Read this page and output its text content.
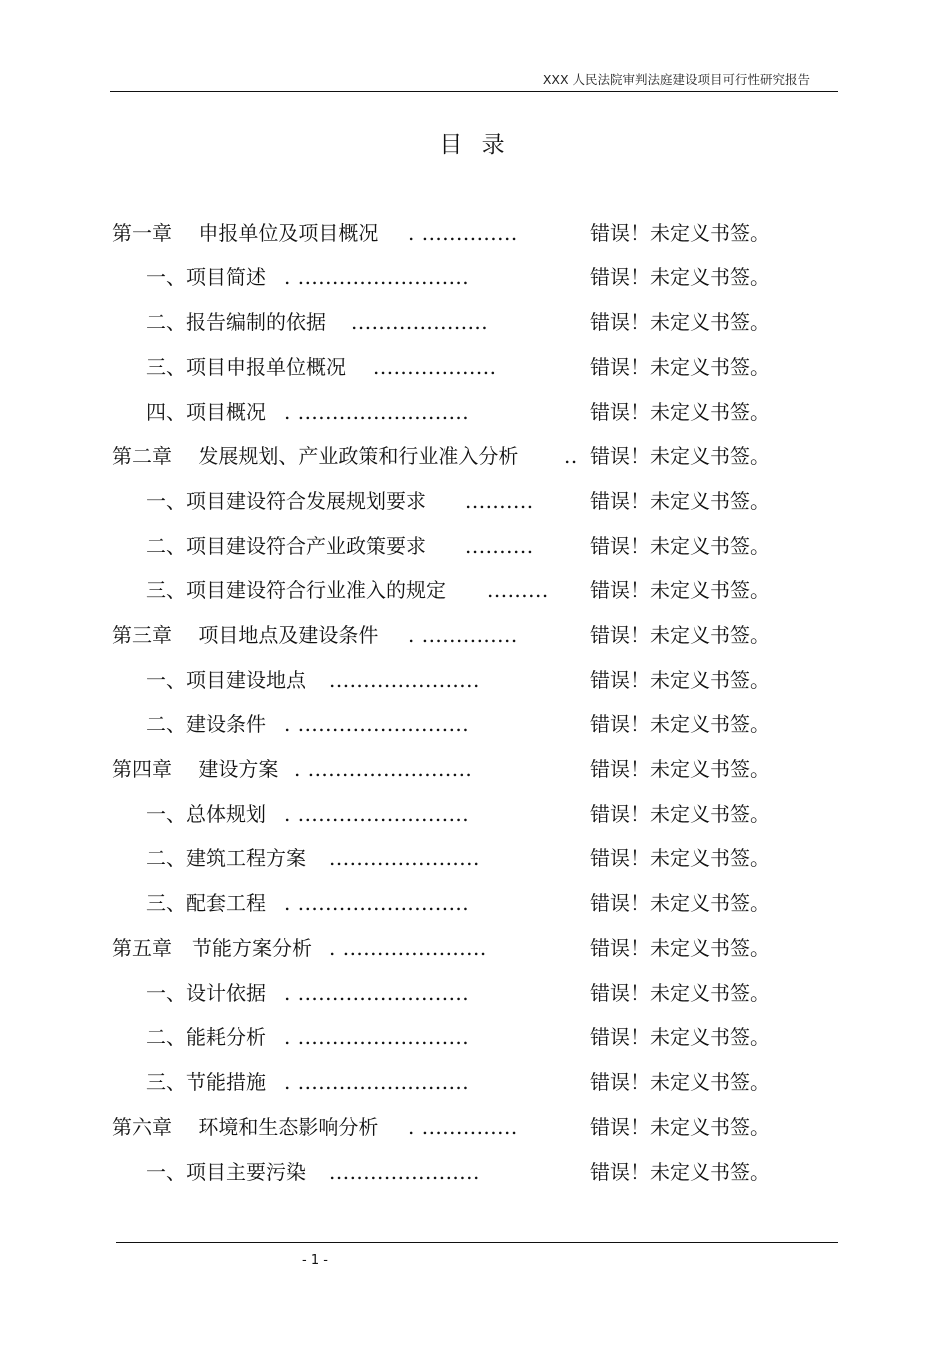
XXX 人民法院审判法庭建设项目可行性研究报告
目 录
第一章　 申报单位及项目概况 . ..............	错误！未定义书签。
一、项目简述 . .........................	错误！未定义书签。
二、报告编制的依据 ....................	错误！未定义书签。
三、项目申报单位概况 ..................	错误！未定义书签。
四、项目概况 . .........................	错误！未定义书签。
第二章　 发展规划、产业政策和行业准入分析 .. 错误！未定义书签。
一、项目建设符合发展规划要求 ..........	错误！未定义书签。
二、项目建设符合产业政策要求 ..........	错误！未定义书签。
三、项目建设符合行业准入的规定 ......... 错误！未定义书签。
第三章　 项目地点及建设条件 . ..............	错误！未定义书签。
一、项目建设地点 ......................	错误！未定义书签。
二、建设条件 . .........................	错误！未定义书签。
第四章　 建设方案 . ........................	错误！未定义书签。
一、总体规划 . .........................	错误！未定义书签。
二、建筑工程方案 ......................	错误！未定义书签。
三、配套工程 . .........................	错误！未定义书签。
第五章　节能方案分析 . .....................	错误！未定义书签。
一、设计依据 . .........................	错误！未定义书签。
二、能耗分析 . .........................	错误！未定义书签。
三、节能措施 . .........................	错误！未定义书签。
第六章　 环境和生态影响分析 . ..............	错误！未定义书签。
一、项目主要污染 ......................	错误！未定义书签。
- 1 -
